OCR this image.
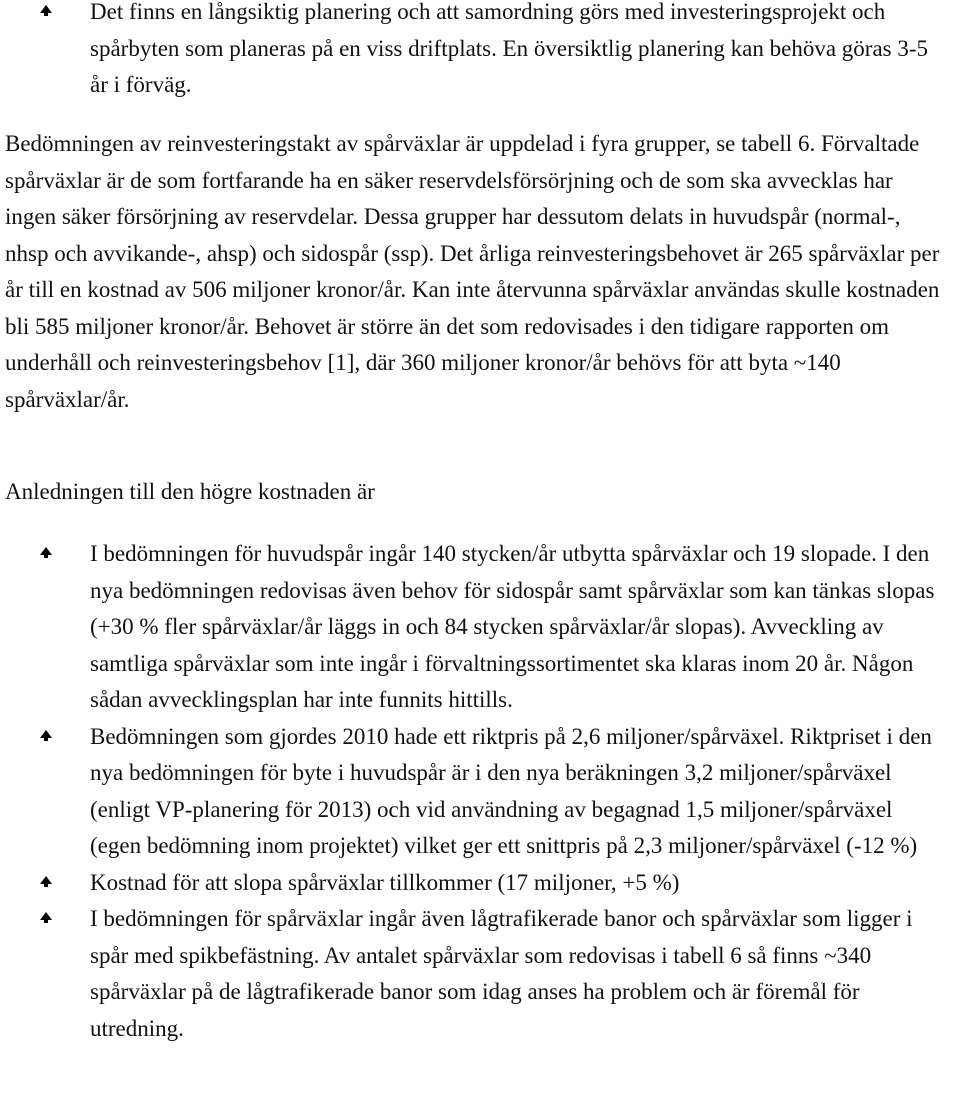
Det finns en långsiktig planering och att samordning görs med investeringsprojekt och spårbyten som planeras på en viss driftplats. En översiktlig planering kan behöva göras 3-5 år i förväg.

Bedömningen av reinvesteringstakt av spårväxlar är uppdelad i fyra grupper, se tabell 6. Förvaltade spårväxlar är de som fortfarande ha en säker reservdelsförsörjning och de som ska avvecklas har ingen säker försörjning av reservdelar. Dessa grupper har dessutom delats in huvudspår (normal-, nhsp och avvikande-, ahsp) och sidospår (ssp). Det årliga reinvesteringsbehovet är 265 spårväxlar per år till en kostnad av 506 miljoner kronor/år. Kan inte återvunna spårväxlar användas skulle kostnaden bli 585 miljoner kronor/år. Behovet är större än det som redovisades i den tidigare rapporten om underhåll och reinvesteringsbehov [1], där 360 miljoner kronor/år behövs för att byta ~140 spårväxlar/år.

Anledningen till den högre kostnaden är

I bedömningen för huvudspår ingår 140 stycken/år utbytta spårväxlar och 19 slopade. I den nya bedömningen redovisas även behov för sidospår samt spårväxlar som kan tänkas slopas (+30 % fler spårväxlar/år läggs in och 84 stycken spårväxlar/år slopas). Avveckling av samtliga spårväxlar som inte ingår i förvaltningssortimentet ska klaras inom 20 år. Någon sådan avvecklingsplan har inte funnits hittills.
Bedömningen som gjordes 2010 hade ett riktpris på 2,6 miljoner/spårväxel. Riktpriset i den nya bedömningen för byte i huvudspår är i den nya beräkningen 3,2 miljoner/spårväxel (enligt VP-planering för 2013) och vid användning av begagnad 1,5 miljoner/spårväxel (egen bedömning inom projektet) vilket ger ett snittpris på 2,3 miljoner/spårväxel (-12 %)
Kostnad för att slopa spårväxlar tillkommer (17 miljoner, +5 %)
I bedömningen för spårväxlar ingår även lågtrafikerade banor och spårväxlar som ligger i spår med spikbefästning. Av antalet spårväxlar som redovisas i tabell 6 så finns ~340 spårväxlar på de lågtrafikerade banor som idag anses ha problem och är föremål för utredning.
